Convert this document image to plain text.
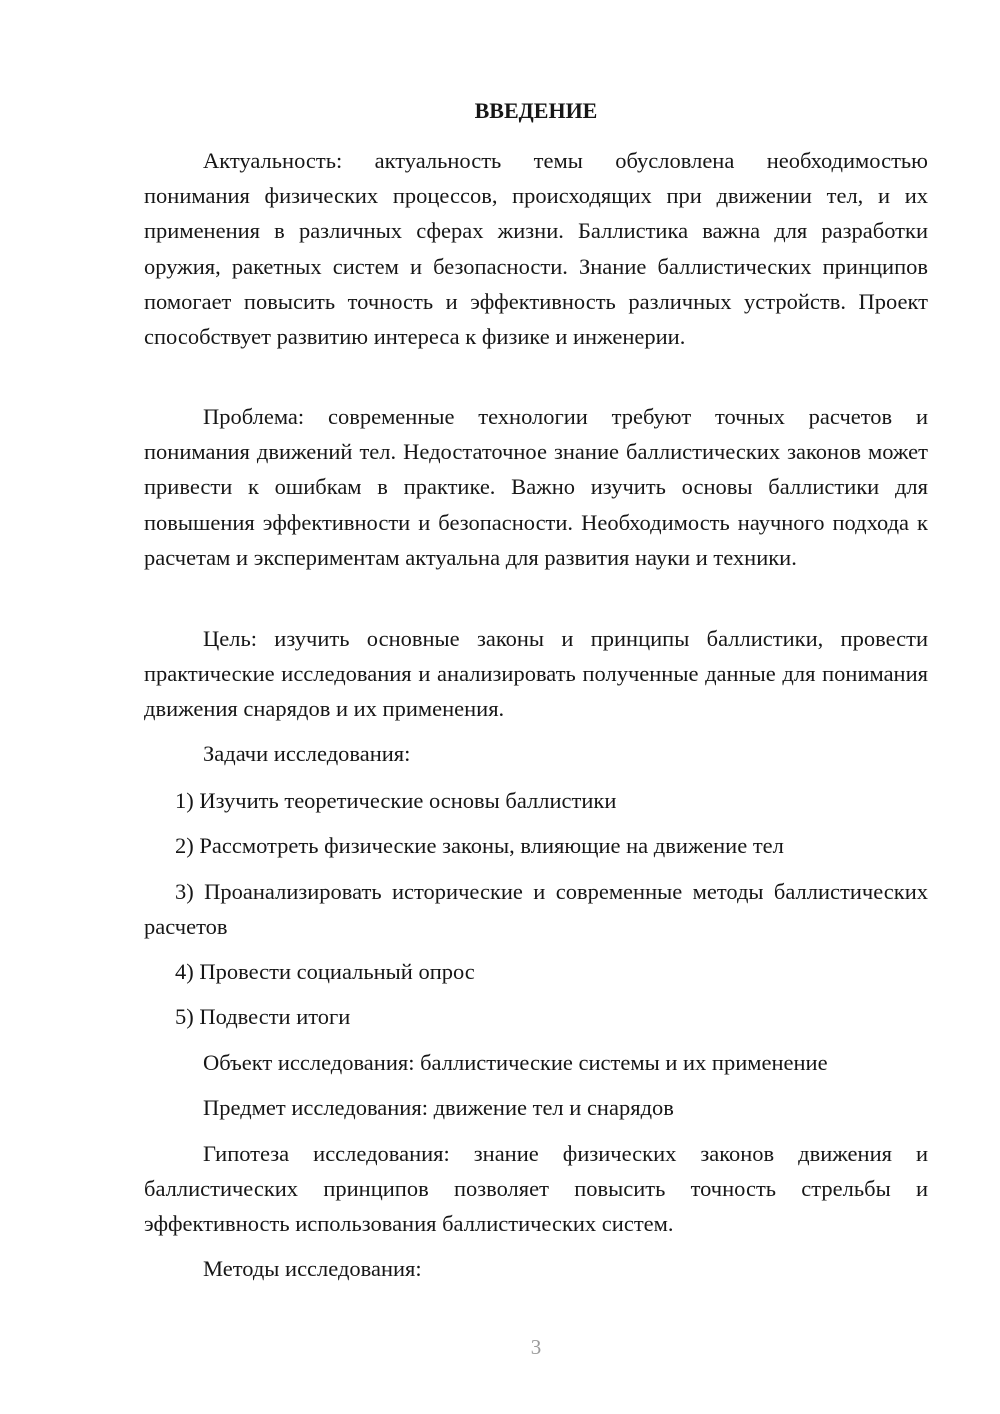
ВВЕДЕНИЕ

Актуальность: актуальность темы обусловлена необходимостью понимания физических процессов, происходящих при движении тел, и их применения в различных сферах жизни. Баллистика важна для разработки оружия, ракетных систем и безопасности. Знание баллистических принципов помогает повысить точность и эффективность различных устройств. Проект способствует развитию интереса к физике и инженерии.

Проблема: современные технологии требуют точных расчетов и понимания движений тел. Недостаточное знание баллистических законов может привести к ошибкам в практике. Важно изучить основы баллистики для повышения эффективности и безопасности. Необходимость научного подхода к расчетам и экспериментам актуальна для развития науки и техники.

Цель: изучить основные законы и принципы баллистики, провести практические исследования и анализировать полученные данные для понимания движения снарядов и их применения.

Задачи исследования:

1) Изучить теоретические основы баллистики

2) Рассмотреть физические законы, влияющие на движение тел

3) Проанализировать исторические и современные методы баллистических расчетов

4) Провести социальный опрос

5) Подвести итоги

Объект исследования: баллистические системы и их применение

Предмет исследования: движение тел и снарядов

Гипотеза исследования: знание физических законов движения и баллистических принципов позволяет повысить точность стрельбы и эффективность использования баллистических систем.

Методы исследования:

3
